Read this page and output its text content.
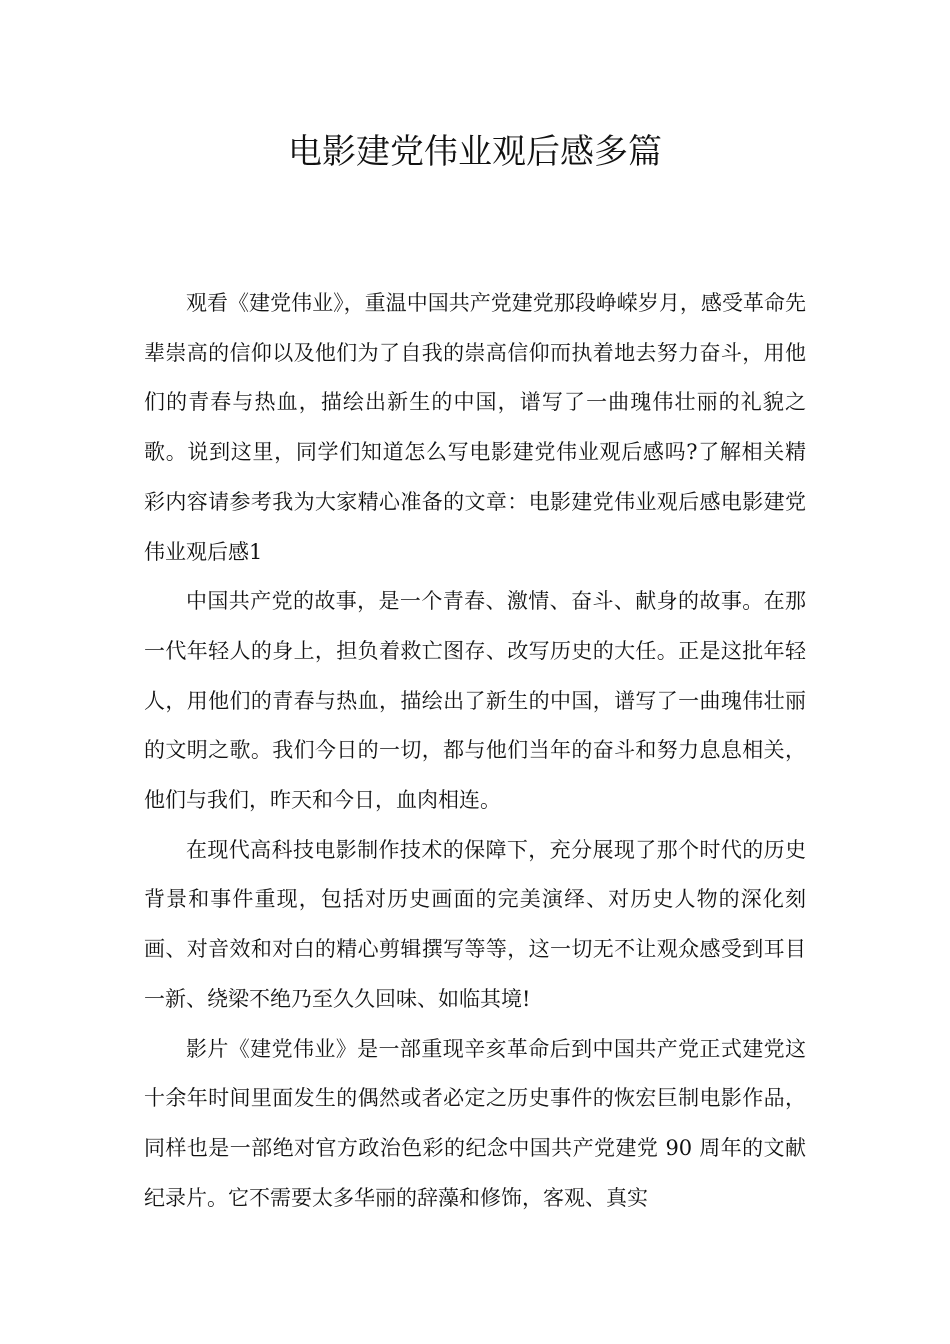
电影建党伟业观后感多篇

观看《建党伟业》，重温中国共产党建党那段峥嵘岁月，感受革命先辈崇高的信仰以及他们为了自我的崇高信仰而执着地去努力奋斗，用他们的青春与热血，描绘出新生的中国，谱写了一曲瑰伟壮丽的礼貌之歌。说到这里，同学们知道怎么写电影建党伟业观后感吗?了解相关精彩内容请参考我为大家精心准备的文章：电影建党伟业观后感电影建党伟业观后感1

中国共产党的故事，是一个青春、激情、奋斗、献身的故事。在那一代年轻人的身上，担负着救亡图存、改写历史的大任。正是这批年轻人，用他们的青春与热血，描绘出了新生的中国，谱写了一曲瑰伟壮丽的文明之歌。我们今日的一切，都与他们当年的奋斗和努力息息相关，他们与我们，昨天和今日，血肉相连。

在现代高科技电影制作技术的保障下，充分展现了那个时代的历史背景和事件重现，包括对历史画面的完美演绎、对历史人物的深化刻画、对音效和对白的精心剪辑撰写等等，这一切无不让观众感受到耳目一新、绕梁不绝乃至久久回味、如临其境!

影片《建党伟业》是一部重现辛亥革命后到中国共产党正式建党这十余年时间里面发生的偶然或者必定之历史事件的恢宏巨制电影作品，同样也是一部绝对官方政治色彩的纪念中国共产党建党 90 周年的文献纪录片。它不需要太多华丽的辞藻和修饰，客观、真实
